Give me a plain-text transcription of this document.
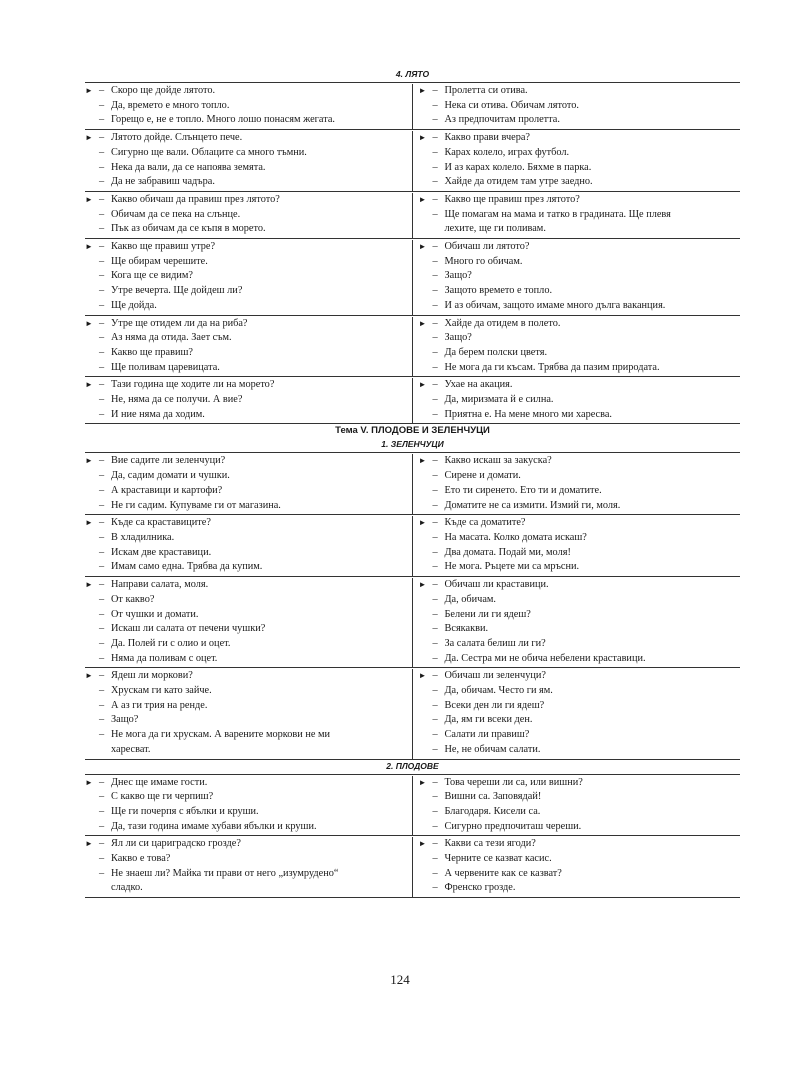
4. ЛЯТО
► – Скоро ще дойде лятото.
– Да, времето е много топло.
– Горещо е, не е топло. Много лошо понасям жегата.
► – Пролетта си отива.
– Нека си отива. Обичам лятото.
– Аз предпочитам пролетта.
► – Лятото дойде. Слънцето пече.
– Сигурно ще вали. Облаците са много тъмни.
– Нека да вали, да се напоява земята.
– Да не забравиш чадъра.
► – Какво прави вчера?
– Карах колело, играх футбол.
– И аз карах колело. Бяхме в парка.
– Хайде да отидем там утре заедно.
► – Какво обичаш да правиш през лятото?
– Обичам да се пека на слънце.
– Пък аз обичам да се къпя в морето.
► – Какво ще правиш през лятото?
– Ще помагам на мама и татко в градината. Ще плевя
лехите, ще ги поливам.
► – Какво ще правиш утре?
– Ще обирам черешите.
– Кога ще се видим?
– Утре вечерта. Ще дойдеш ли?
– Ще дойда.
► – Обичаш ли лятото?
– Много го обичам.
– Защо?
– Защото времето е топло.
– И аз обичам, защото имаме много дълга ваканция.
► – Утре ще отидем ли да на риба?
– Аз няма да отида. Зает съм.
– Какво ще правиш?
– Ще поливам царевицата.
► – Хайде да отидем в полето.
– Защо?
– Да берем полски цветя.
– Не мога да ги късам. Трябва да пазим природата.
► – Тази година ще ходите ли на морето?
– Не, няма да се получи. А вие?
– И ние няма да ходим.
► – Ухае на акация.
– Да, миризмата й е силна.
– Приятна е. На мене много ми харесва.
Тема V. ПЛОДОВЕ И ЗЕЛЕНЧУЦИ
1. ЗЕЛЕНЧУЦИ
► – Вие садите ли зеленчуци?
– Да, садим домати и чушки.
– А краставици и картофи?
– Не ги садим. Купуваме ги от магазина.
► – Какво искаш за закуска?
– Сирене и домати.
– Ето ти сиренето. Ето ти и доматите.
– Доматите не са измити. Измий ги, моля.
► – Къде са краставиците?
– В хладилника.
– Искам две краставици.
– Имам само една. Трябва да купим.
► – Къде са доматите?
– На масата. Колко домата искаш?
– Два домата. Подай ми, моля!
– Не мога. Ръцете ми са мръсни.
► – Направи салата, моля.
– От какво?
– От чушки и домати.
– Искаш ли салата от печени чушки?
– Да. Полей ги с олио и оцет.
– Няма да поливам с оцет.
► – Обичаш ли краставици.
– Да, обичам.
– Белени ли ги ядеш?
– Всякакви.
– За салата белиш ли ги?
– Да. Сестра ми не обича небелени краставици.
► – Ядеш ли моркови?
– Хрускам ги като зайче.
– А аз ги трия на ренде.
– Защо?
– Не мога да ги хрускам. А варените моркови не ми
харесват.
► – Обичаш ли зеленчуци?
– Да, обичам. Често ги ям.
– Всеки ден ли ги ядеш?
– Да, ям ги всеки ден.
– Салати ли правиш?
– Не, не обичам салати.
2. ПЛОДОВЕ
► – Днес ще имаме гости.
– С какво ще ги черпиш?
– Ще ги почерпя с ябълки и круши.
– Да, тази година имаме хубави ябълки и круши.
► – Това череши ли са, или вишни?
– Вишни са. Заповядай!
– Благодаря. Кисели са.
– Сигурно предпочиташ череши.
► – Ял ли си цариградско грозде?
– Какво е това?
– Не знаеш ли? Майка ти прави от него „изумрудено“
сладко.
► – Какви са тези ягоди?
– Черните се казват касис.
– А червените как се казват?
– Френско грозде.
124
